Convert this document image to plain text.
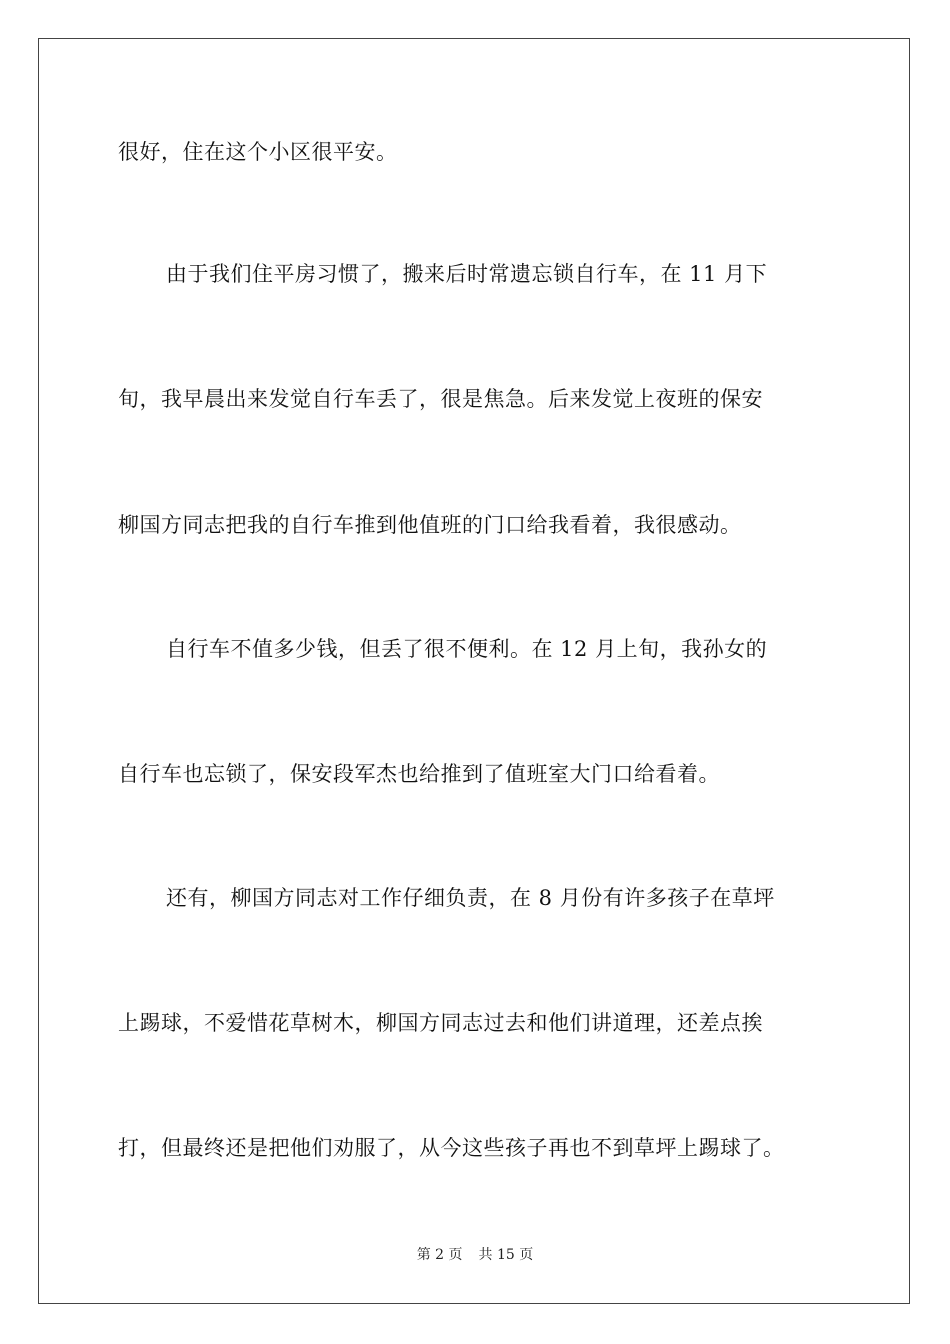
很好，住在这个小区很平安。
由于我们住平房习惯了，搬来后时常遗忘锁自行车，在 11 月下
旬，我早晨出来发觉自行车丢了，很是焦急。后来发觉上夜班的保安
柳国方同志把我的自行车推到他值班的门口给我看着，我很感动。
自行车不值多少钱，但丢了很不便利。在 12 月上旬，我孙女的
自行车也忘锁了，保安段军杰也给推到了值班室大门口给看着。
还有，柳国方同志对工作仔细负责，在 8 月份有许多孩子在草坪
上踢球，不爱惜花草树木，柳国方同志过去和他们讲道理，还差点挨
打，但最终还是把他们劝服了，从今这些孩子再也不到草坪上踢球了。
第 2 页 共 15 页
